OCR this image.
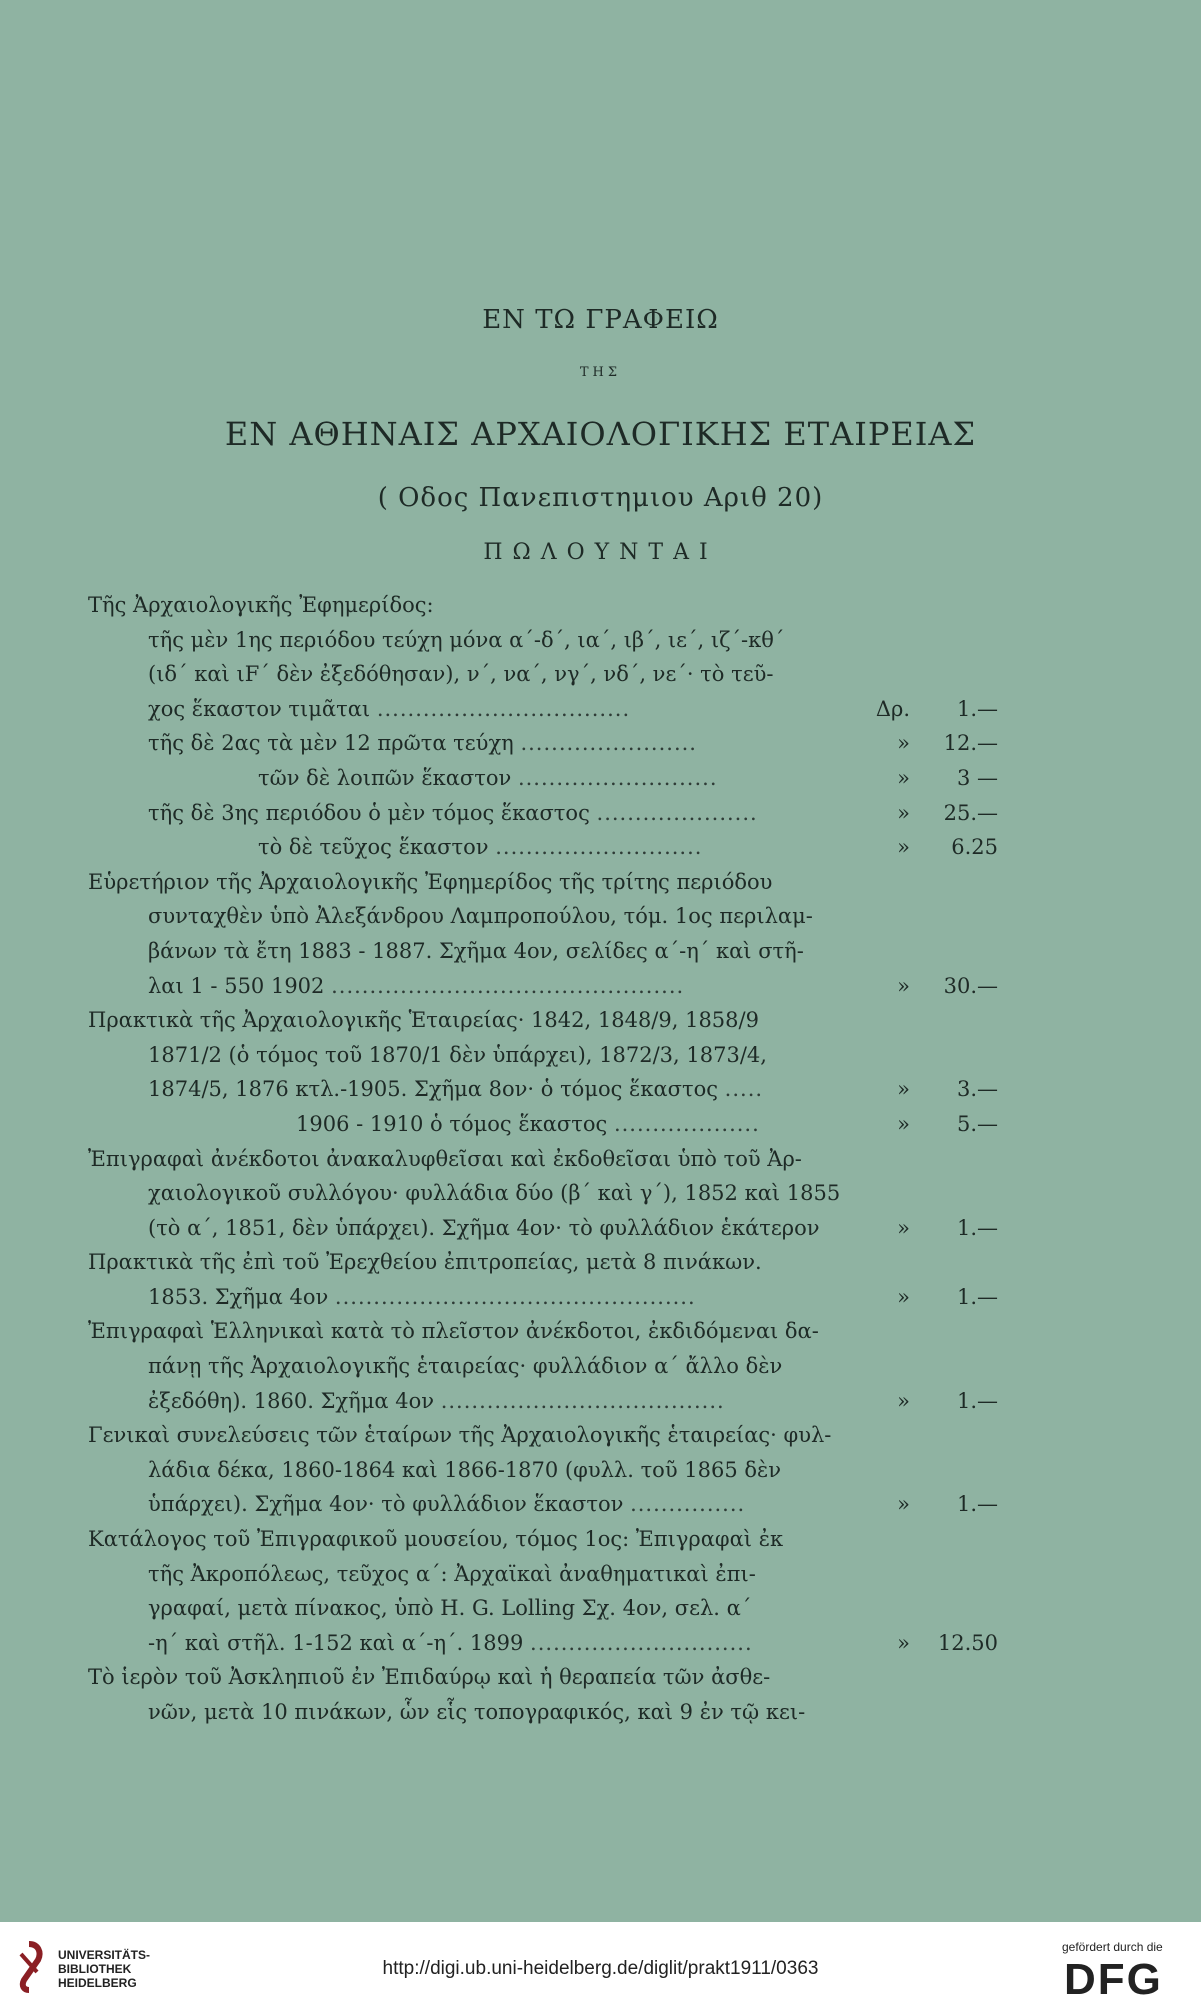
ΕΝ ΤΩ ΓΡΑΦΕΙΩ
ΤΗΣ
ΕΝ ΑΘΗΝΑΙΣ ΑΡΧΑΙΟΛΟΓΙΚΗΣ ΕΤΑΙΡΕΙΑΣ
( Οδος Πανεπιστημιου Αριθ 20)
ΠΩΛΟΥΝΤΑΙ
Τῆς Ἀρχαιολογικῆς Ἐφημερίδος:
τῆς μὲν 1ης περιόδου τεύχη μόνα α΄-δ΄, ια΄, ιβ΄, ιε΄, ιζ΄-κθ΄
(ιδ΄ καὶ ιF΄ δὲν ἐξεδόθησαν), ν΄, να΄, νγ΄, νδ΄, νε΄· τὸ τεῦ-
χος ἕκαστον τιμᾶται .................................	Δρ.	1.—
τῆς δὲ 2ας τὰ μὲν 12 πρῶτα τεύχη .......................	»	12.—
τῶν δὲ λοιπῶν ἕκαστον ..........................	»	3 —
τῆς δὲ 3ης περιόδου ὁ μὲν τόμος ἕκαστος .....................	»	25.—
τὸ δὲ τεῦχος ἕκαστον ...........................	»	6.25
Εὑρετήριον τῆς Ἀρχαιολογικῆς Ἐφημερίδος τῆς τρίτης περιόδου
συνταχθὲν ὑπὸ Ἀλεξάνδρου Λαμπροπούλου, τόμ. 1ος περιλαμ-
βάνων τὰ ἔτη 1883 - 1887. Σχῆμα 4ον, σελίδες α΄-η΄ καὶ στῆ-
λαι 1 - 550 1902 ..............................................	»	30.—
Πρακτικὰ τῆς Ἀρχαιολογικῆς Ἑταιρείας· 1842, 1848/9, 1858/9
1871/2 (ὁ τόμος τοῦ 1870/1 δὲν ὑπάρχει), 1872/3, 1873/4,
1874/5, 1876 κτλ.-1905. Σχῆμα 8ον· ὁ τόμος ἕκαστος .....	»	3.—
1906 - 1910 ὁ τόμος ἕκαστος ...................	»	5.—
Ἐπιγραφαὶ ἀνέκδοτοι ἀνακαλυφθεῖσαι καὶ ἐκδοθεῖσαι ὑπὸ τοῦ Ἀρ-
χαιολογικοῦ συλλόγου· φυλλάδια δύο (β΄ καὶ γ΄), 1852 καὶ 1855
(τὸ α΄, 1851, δὲν ὑπάρχει). Σχῆμα 4ον· τὸ φυλλάδιον ἑκάτερον	»	1.—
Πρακτικὰ τῆς ἐπὶ τοῦ Ἐρεχθείου ἐπιτροπείας, μετὰ 8 πινάκων.
1853. Σχῆμα 4ον ...............................................	»	1.—
Ἐπιγραφαὶ Ἑλληνικαὶ κατὰ τὸ πλεῖστον ἀνέκδοτοι, ἐκδιδόμεναι δα-
πάνῃ τῆς Ἀρχαιολογικῆς ἑταιρείας· φυλλάδιον α΄ ἄλλο δὲν
ἐξεδόθη). 1860. Σχῆμα 4ον .....................................	»	1.—
Γενικαὶ συνελεύσεις τῶν ἑταίρων τῆς Ἀρχαιολογικῆς ἑταιρείας· φυλ-
λάδια δέκα, 1860-1864 καὶ 1866-1870 (φυλλ. τοῦ 1865 δὲν
ὑπάρχει). Σχῆμα 4ον· τὸ φυλλάδιον ἕκαστον ...............	»	1.—
Κατάλογος τοῦ Ἐπιγραφικοῦ μουσείου, τόμος 1ος: Ἐπιγραφαὶ ἐκ
τῆς Ἀκροπόλεως, τεῦχος α΄: Ἀρχαϊκαὶ ἀναθηματικαὶ ἐπι-
γραφαί, μετὰ πίνακος, ὑπὸ H. G. Lolling Σχ. 4ον, σελ. α΄
-η΄ καὶ στῆλ. 1-152 καὶ α΄-η΄. 1899 .............................	»	12.50
Τὸ ἱερὸν τοῦ Ἀσκληπιοῦ ἐν Ἐπιδαύρῳ καὶ ἡ θεραπεία τῶν ἀσθε-
νῶν, μετὰ 10 πινάκων, ὧν εἷς τοπογραφικός, καὶ 9 ἐν τῷ κει-
UNIVERSITÄTS-
BIBLIOTHEK
HEIDELBERG
http://digi.ub.uni-heidelberg.de/diglit/prakt1911/0363
gefördert durch die
DFG
